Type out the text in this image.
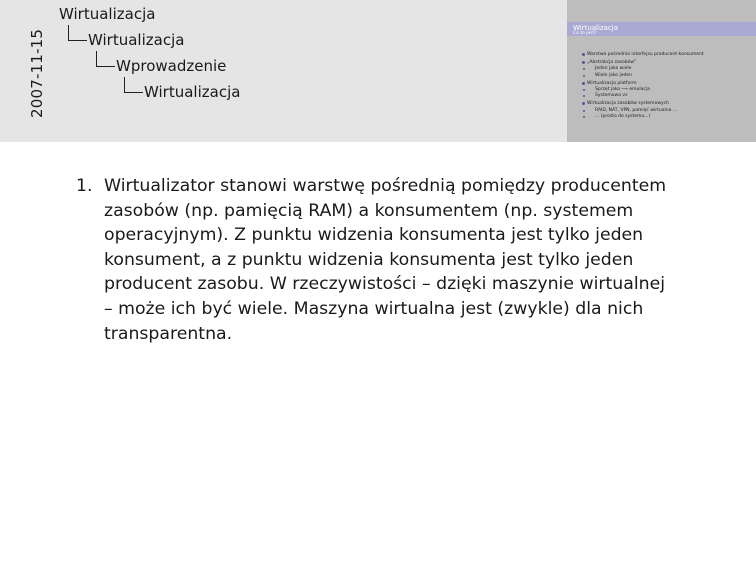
2007-11-15
Wirtualizacja
Wirtualizacja
Wprowadzenie
Wirtualizacja
Wirtualizacja
Co to jest?
Warstwa pośrednia interfejsu producent-konsument
„Abstrakcja zasobów”
Jeden jako wiele
Wiele jako jeden
Wirtualizacja platform
Sprzęt jako ⟶ emulacja
Systemowa vs
Wirtualizacja zasobów systemowych
RAID, NAT, VPN, pamięć wirtualna ...
... (prosto do systemu...)
1. Wirtualizator stanowi warstwę pośrednią pomiędzy producentem zasobów (np. pamięcią RAM) a konsumentem (np. systemem operacyjnym). Z punktu widzenia konsumenta jest tylko jeden konsument, a z punktu widzenia konsumenta jest tylko jeden producent zasobu. W rzeczywistości – dzięki maszynie wirtualnej – może ich być wiele. Maszyna wirtualna jest (zwykle) dla nich transparentna.
